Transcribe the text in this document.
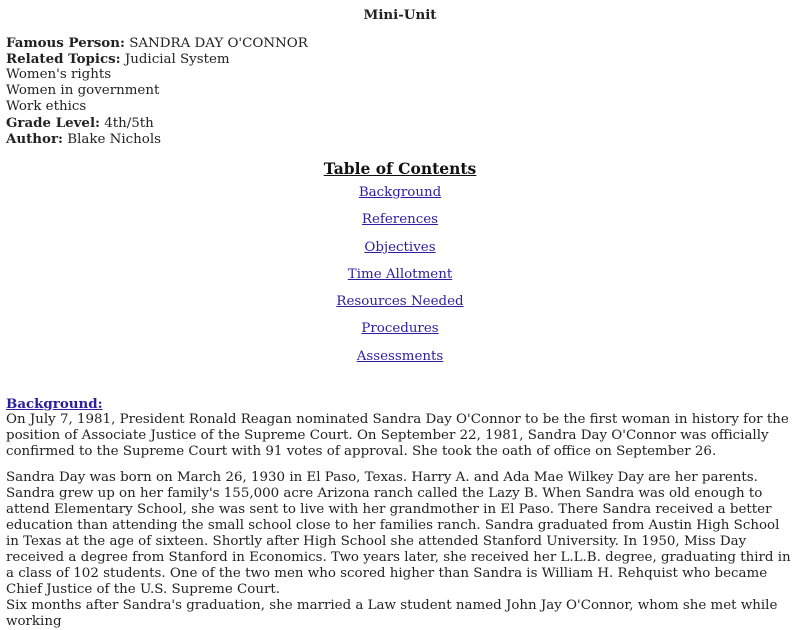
Mini-Unit
Famous Person: SANDRA DAY O'CONNOR
Related Topics: Judicial System
Women's rights
Women in government
Work ethics
Grade Level: 4th/5th
Author: Blake Nichols
Table of Contents
Background
References
Objectives
Time Allotment
Resources Needed
Procedures
Assessments
Background:

On July 7, 1981, President Ronald Reagan nominated Sandra Day O'Connor to be the first woman in history for the position of Associate Justice of the Supreme Court. On September 22, 1981, Sandra Day O'Connor was officially confirmed to the Supreme Court with 91 votes of approval. She took the oath of office on September 26.

Sandra Day was born on March 26, 1930 in El Paso, Texas. Harry A. and Ada Mae Wilkey Day are her parents. Sandra grew up on her family's 155,000 acre Arizona ranch called the Lazy B. When Sandra was old enough to attend Elementary School, she was sent to live with her grandmother in El Paso. There Sandra received a better education than attending the small school close to her families ranch. Sandra graduated from Austin High School in Texas at the age of sixteen. Shortly after High School she attended Stanford University. In 1950, Miss Day received a degree from Stanford in Economics. Two years later, she received her L.L.B. degree, graduating third in a class of 102 students. One of the two men who scored higher than Sandra is William H. Rehquist who became Chief Justice of the U.S. Supreme Court.

Six months after Sandra's graduation, she married a Law student named John Jay O'Connor, whom she met while working
